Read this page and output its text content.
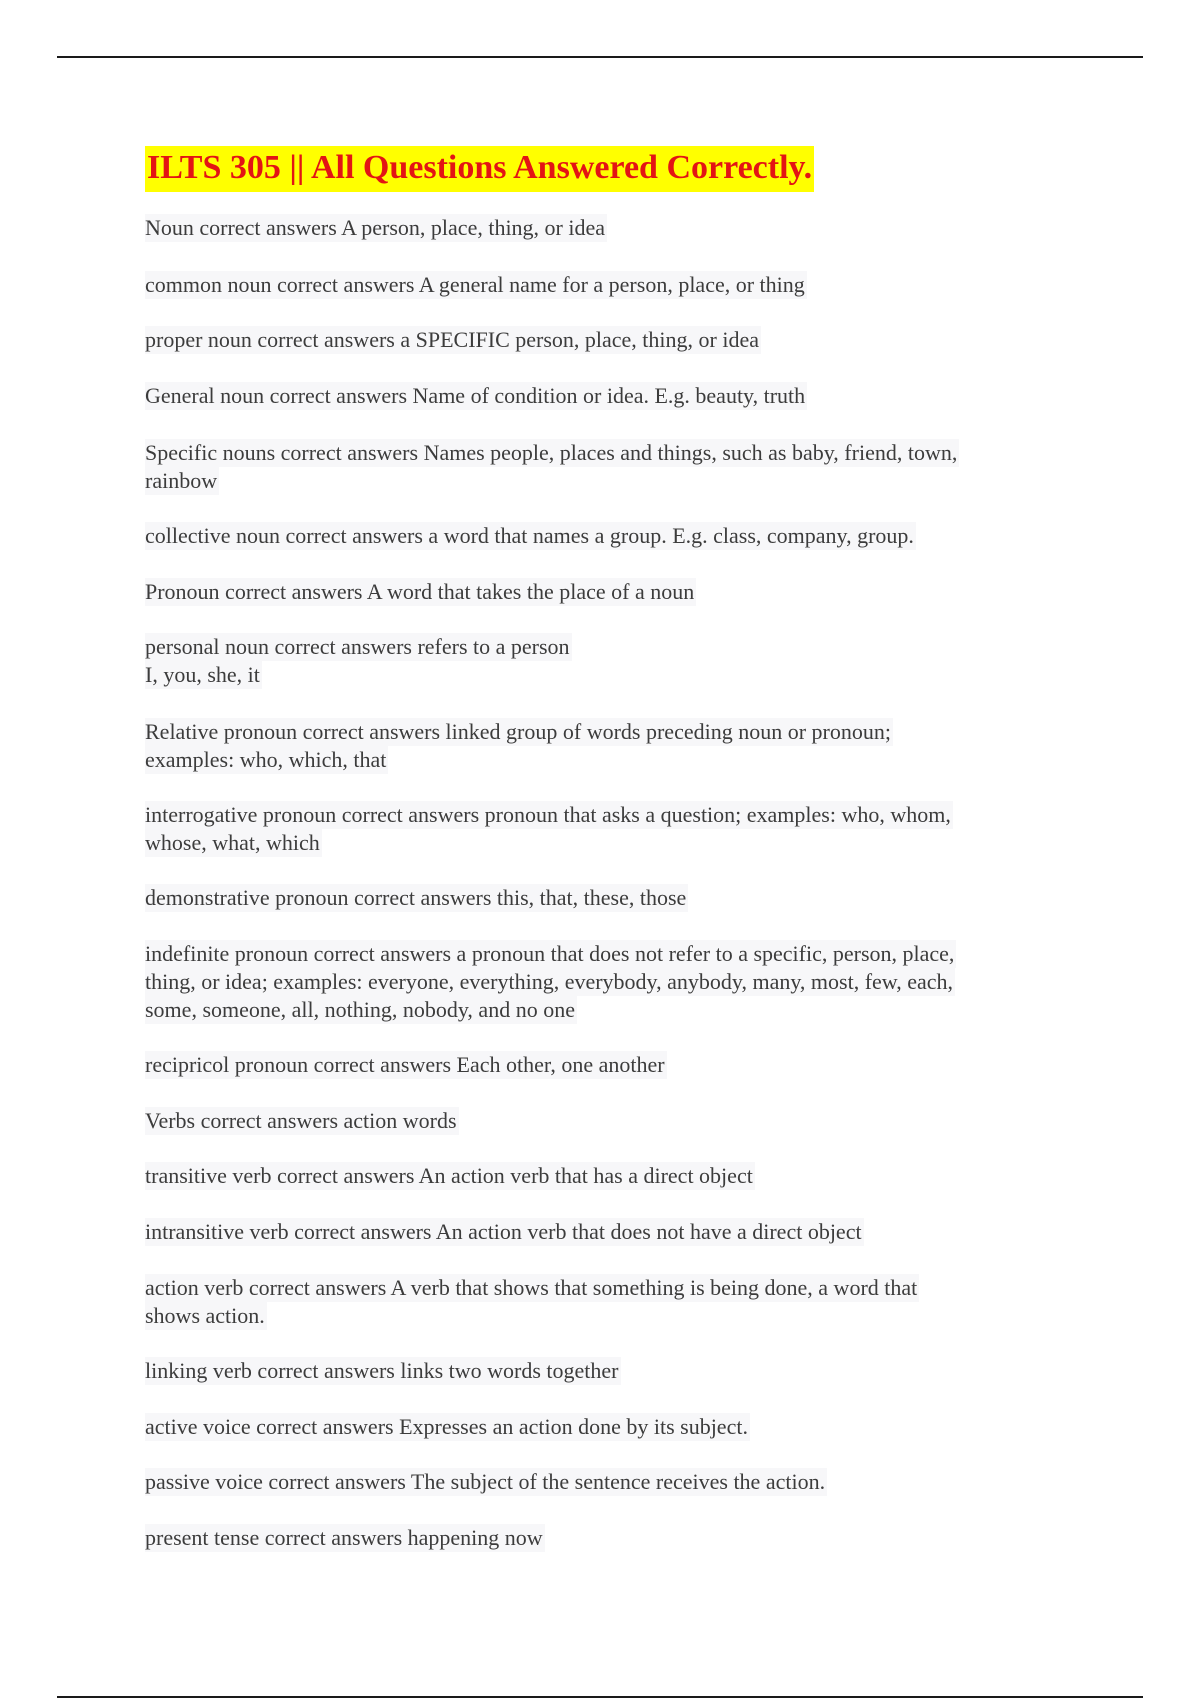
ILTS 305 || All Questions Answered Correctly.
Noun correct answers A person, place, thing, or idea
common noun correct answers A general name for a person, place, or thing
proper noun correct answers a SPECIFIC person, place, thing, or idea
General noun correct answers Name of condition or idea. E.g. beauty, truth
Specific nouns correct answers Names people, places and things, such as baby, friend, town,
rainbow
collective noun correct answers a word that names a group. E.g. class, company, group.
Pronoun correct answers A word that takes the place of a noun
personal noun correct answers refers to a person
I, you, she, it
Relative pronoun correct answers linked group of words preceding noun or pronoun;
examples: who, which, that
interrogative pronoun correct answers pronoun that asks a question; examples: who, whom,
whose, what, which
demonstrative pronoun correct answers this, that, these, those
indefinite pronoun correct answers a pronoun that does not refer to a specific, person, place,
thing, or idea; examples: everyone, everything, everybody, anybody, many, most, few, each,
some, someone, all, nothing, nobody, and no one
recipricol pronoun correct answers Each other, one another
Verbs correct answers action words
transitive verb correct answers An action verb that has a direct object
intransitive verb correct answers An action verb that does not have a direct object
action verb correct answers A verb that shows that something is being done, a word that
shows action.
linking verb correct answers links two words together
active voice correct answers Expresses an action done by its subject.
passive voice correct answers The subject of the sentence receives the action.
present tense correct answers happening now
